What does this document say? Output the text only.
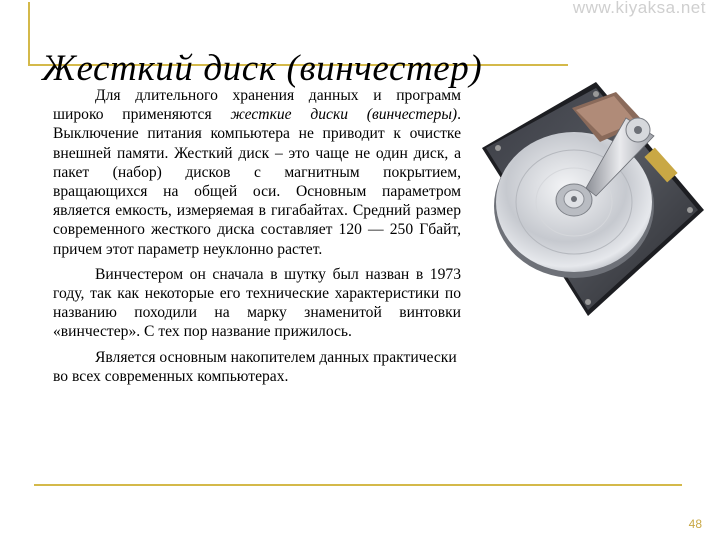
www.kiyaksa.net
Жесткий диск (винчестер)

Для длительного хранения данных и программ широко применяются жесткие диски (винчестеры). Выключение питания компьютера не приводит к очистке внешней памяти. Жесткий диск – это чаще не один диск, а пакет (набор) дисков с магнитным покрытием, вращающихся на общей оси. Основным параметром является емкость, измеряемая в гигабайтах. Средний размер современного жесткого диска составляет 120 — 250 Гбайт, причем этот параметр неуклонно растет.

Винчестером он сначала в шутку был назван в 1973 году, так как некоторые его технические характеристики по названию походили на марку знаменитой винтовки «винчестер». С тех пор название прижилось.

Является основным накопителем данных практически во всех современных компьютерах.

48
